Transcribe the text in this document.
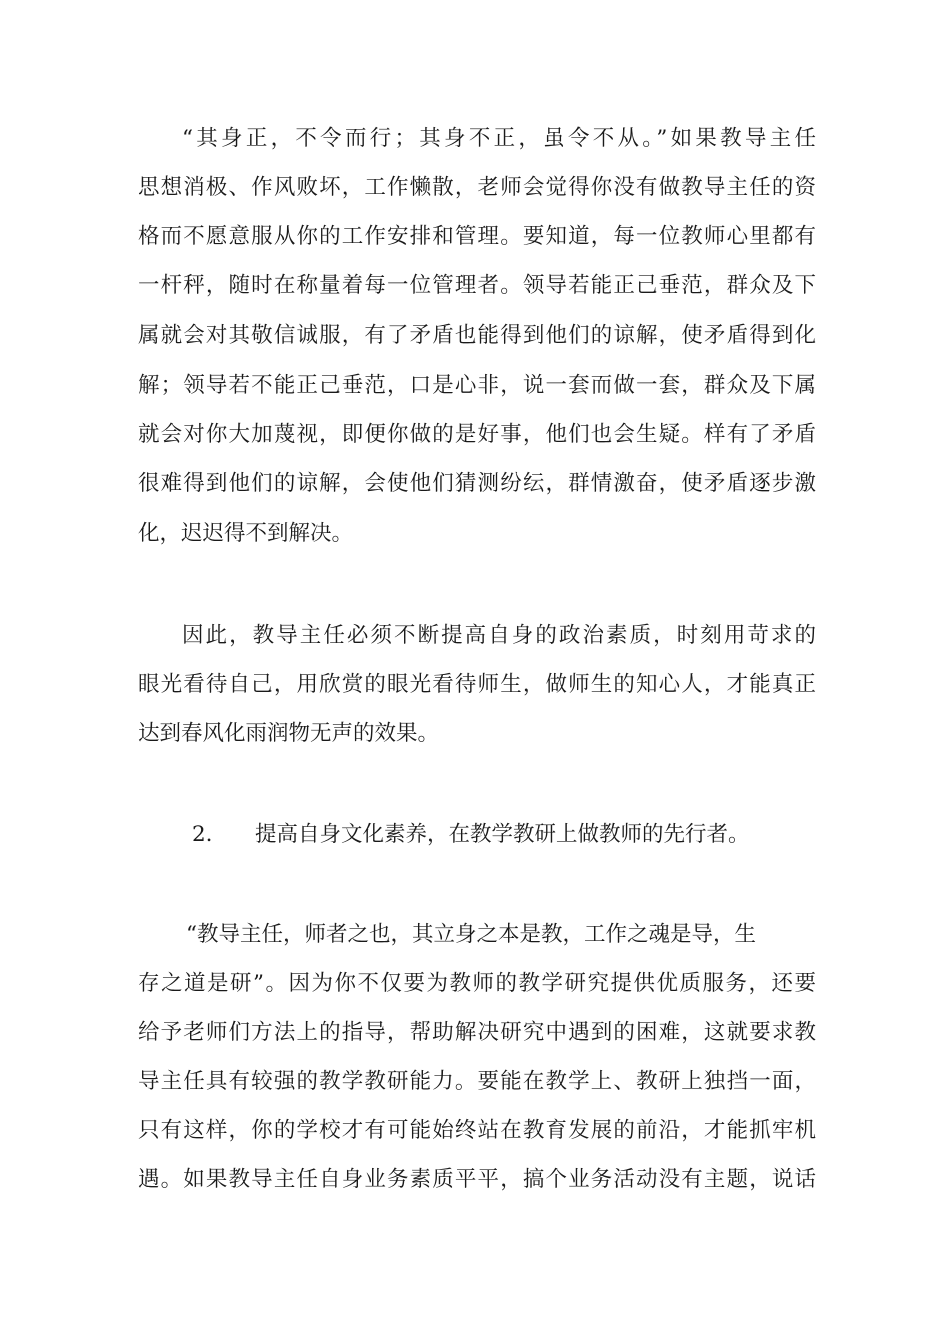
“其身正，不令而行；其身不正，虽令不从。”如果教导主任
思想消极、作风败坏，工作懒散，老师会觉得你没有做教导主任的资
格而不愿意服从你的工作安排和管理。要知道，每一位教师心里都有
一杆秤，随时在称量着每一位管理者。领导若能正己垂范，群众及下
属就会对其敬信诚服，有了矛盾也能得到他们的谅解，使矛盾得到化
解；领导若不能正己垂范，口是心非，说一套而做一套，群众及下属
就会对你大加蔑视，即便你做的是好事，他们也会生疑。样有了矛盾
很难得到他们的谅解，会使他们猜测纷纭，群情激奋，使矛盾逐步激
化，迟迟得不到解决。
因此，教导主任必须不断提高自身的政治素质，时刻用苛求的
眼光看待自己，用欣赏的眼光看待师生，做师生的知心人，才能真正
达到春风化雨润物无声的效果。
2. 提高自身文化素养，在教学教研上做教师的先行者。
“教导主任，师者之也，其立身之本是教，工作之魂是导，生
存之道是研”。因为你不仅要为教师的教学研究提供优质服务，还要
给予老师们方法上的指导，帮助解决研究中遇到的困难，这就要求教
导主任具有较强的教学教研能力。要能在教学上、教研上独挡一面，
只有这样，你的学校才有可能始终站在教育发展的前沿，才能抓牢机
遇。如果教导主任自身业务素质平平，搞个业务活动没有主题，说话
